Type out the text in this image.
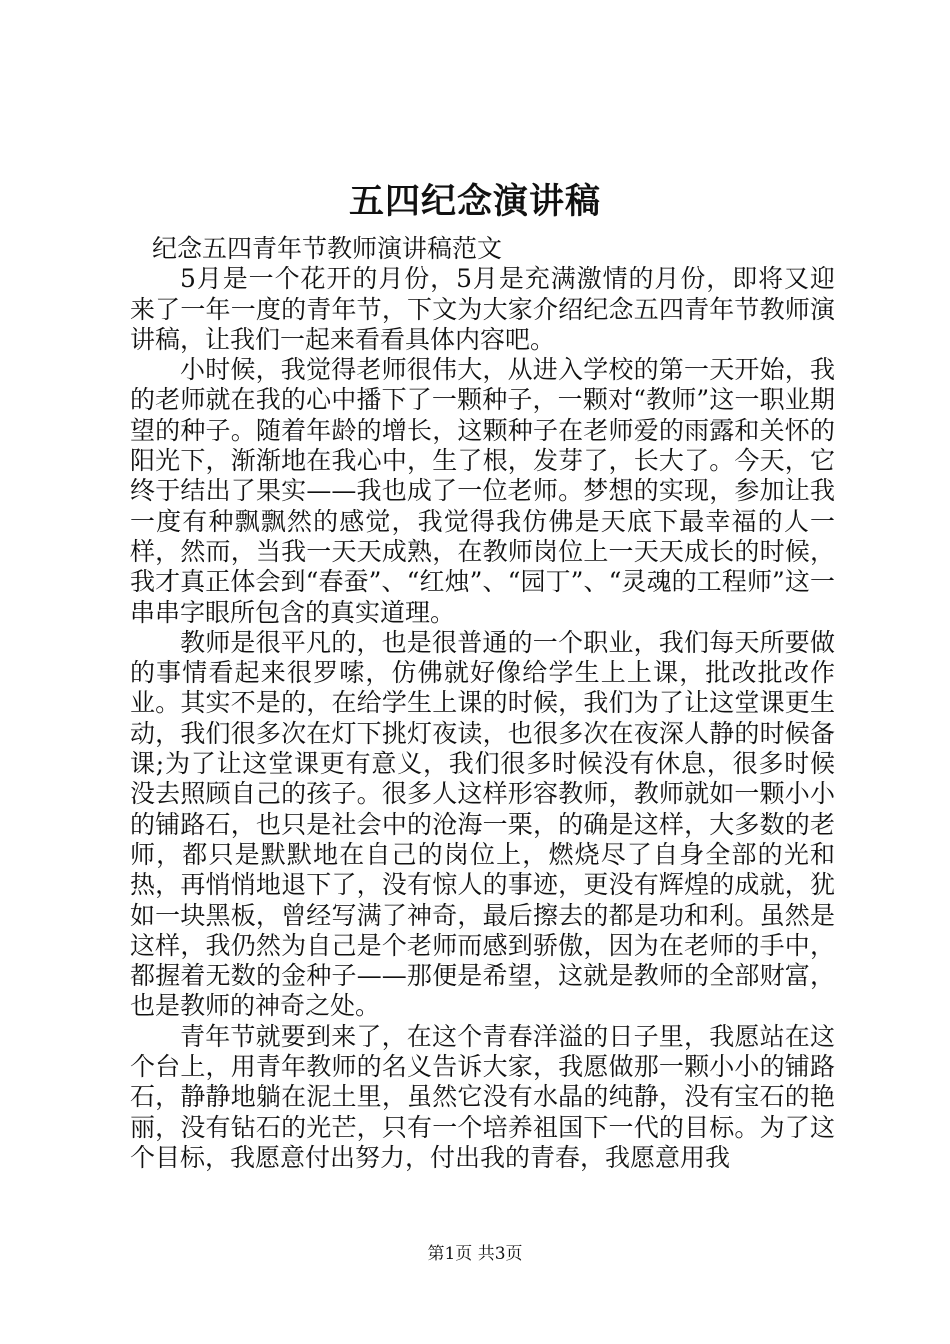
五四纪念演讲稿

纪念五四青年节教师演讲稿范文

5月是一个花开的月份，5月是充满激情的月份，即将又迎来了一年一度的青年节，下文为大家介绍纪念五四青年节教师演讲稿，让我们一起来看看具体内容吧。

小时候，我觉得老师很伟大，从进入学校的第一天开始，我的老师就在我的心中播下了一颗种子，一颗对“教师”这一职业期望的种子。随着年龄的增长，这颗种子在老师爱的雨露和关怀的阳光下，渐渐地在我心中，生了根，发芽了，长大了。今天，它终于结出了果实——我也成了一位老师。梦想的实现，参加让我一度有种飘飘然的感觉，我觉得我仿佛是天底下最幸福的人一样，然而，当我一天天成熟，在教师岗位上一天天成长的时候，我才真正体会到“春蚕”、“红烛”、“园丁”、“灵魂的工程师”这一串串字眼所包含的真实道理。

教师是很平凡的，也是很普通的一个职业，我们每天所要做的事情看起来很罗嗦，仿佛就好像给学生上上课，批改批改作业。其实不是的，在给学生上课的时候，我们为了让这堂课更生动，我们很多次在灯下挑灯夜读，也很多次在夜深人静的时候备课;为了让这堂课更有意义，我们很多时候没有休息，很多时候没去照顾自己的孩子。很多人这样形容教师，教师就如一颗小小的铺路石，也只是社会中的沧海一栗，的确是这样，大多数的老师，都只是默默地在自己的岗位上，燃烧尽了自身全部的光和热，再悄悄地退下了，没有惊人的事迹，更没有辉煌的成就，犹如一块黑板，曾经写满了神奇，最后擦去的都是功和利。虽然是这样，我仍然为自己是个老师而感到骄傲，因为在老师的手中，都握着无数的金种子——那便是希望，这就是教师的全部财富，也是教师的神奇之处。

青年节就要到来了，在这个青春洋溢的日子里，我愿站在这个台上，用青年教师的名义告诉大家，我愿做那一颗小小的铺路石，静静地躺在泥土里，虽然它没有水晶的纯静，没有宝石的艳丽，没有钻石的光芒，只有一个培养祖国下一代的目标。为了这个目标，我愿意付出努力，付出我的青春，我愿意用我

第1页 共3页
